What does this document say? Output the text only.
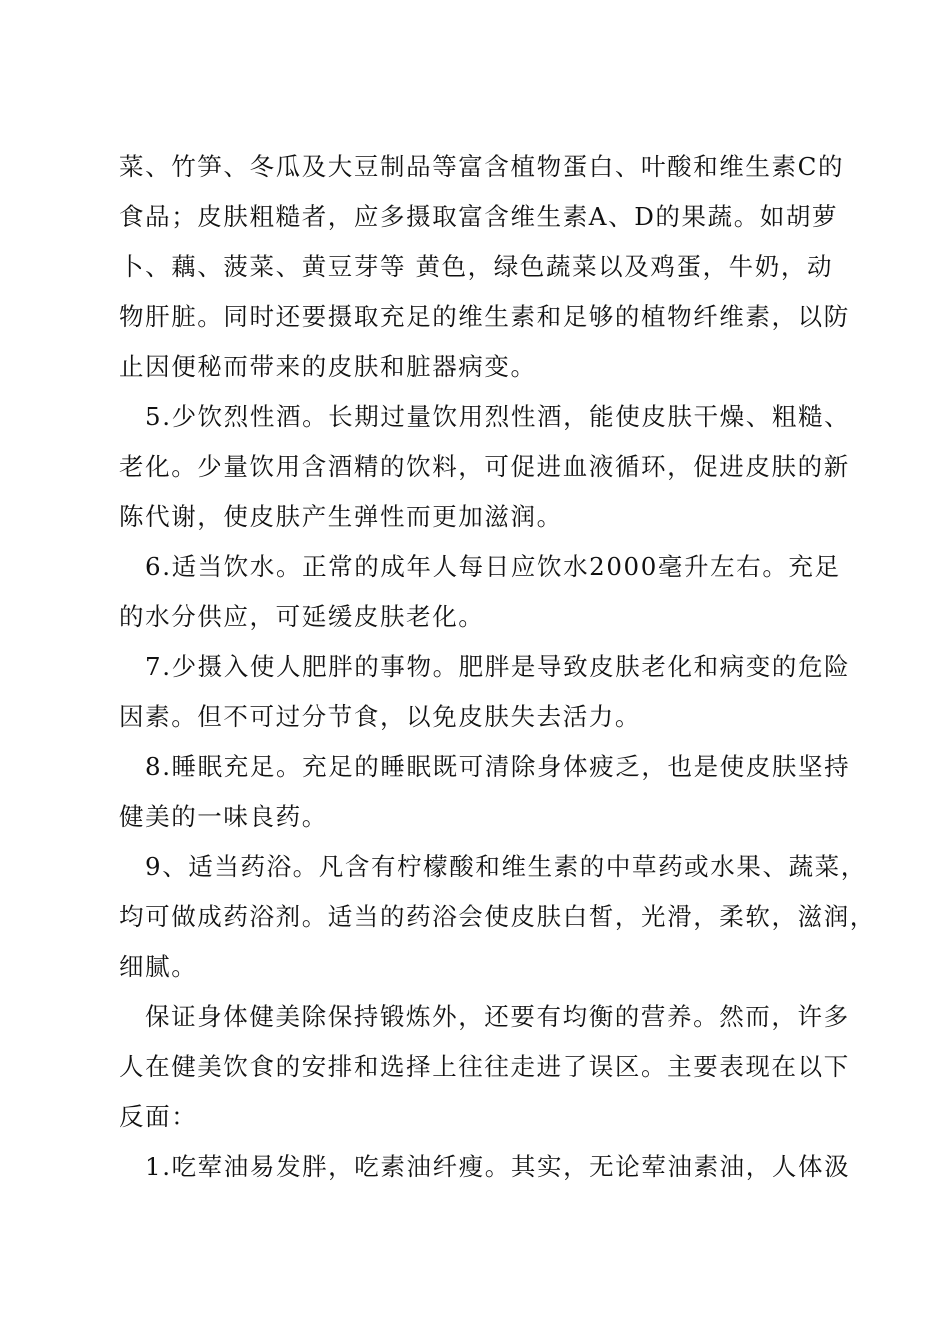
菜、竹笋、冬瓜及大豆制品等富含植物蛋白、叶酸和维生素C的
食品；皮肤粗糙者，应多摄取富含维生素A、D的果蔬。如胡萝
卜、藕、菠菜、黄豆芽等 黄色，绿色蔬菜以及鸡蛋，牛奶，动
物肝脏。同时还要摄取充足的维生素和足够的植物纤维素，以防
止因便秘而带来的皮肤和脏器病变。
5.少饮烈性酒。长期过量饮用烈性酒，能使皮肤干燥、粗糙、
老化。少量饮用含酒精的饮料，可促进血液循环，促进皮肤的新
陈代谢，使皮肤产生弹性而更加滋润。
6.适当饮水。正常的成年人每日应饮水2000毫升左右。充足
的水分供应，可延缓皮肤老化。
7.少摄入使人肥胖的事物。肥胖是导致皮肤老化和病变的危险
因素。但不可过分节食，以免皮肤失去活力。
8.睡眠充足。充足的睡眠既可清除身体疲乏，也是使皮肤坚持
健美的一味良药。
9、适当药浴。凡含有柠檬酸和维生素的中草药或水果、蔬菜，
均可做成药浴剂。适当的药浴会使皮肤白皙，光滑，柔软，滋润，
细腻。
保证身体健美除保持锻炼外，还要有均衡的营养。然而，许多
人在健美饮食的安排和选择上往往走进了误区。主要表现在以下
反面：
1.吃荤油易发胖，吃素油纤瘦。其实，无论荤油素油，人体汲
